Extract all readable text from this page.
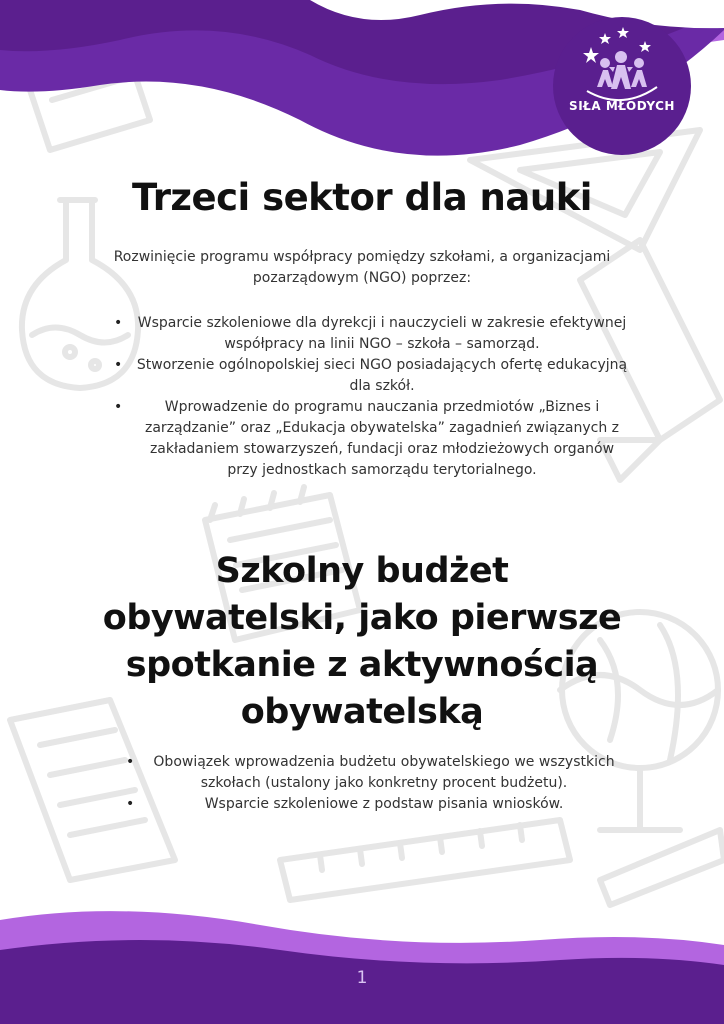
SIŁA MŁODYCH
Trzeci sektor dla nauki

Rozwinięcie programu współpracy pomiędzy szkołami, a organizacjami pozarządowym (NGO) poprzez:

• Wsparcie szkoleniowe dla dyrekcji i nauczycieli w zakresie efektywnej współpracy na linii NGO – szkoła – samorząd.
• Stworzenie ogólnopolskiej sieci NGO posiadających ofertę edukacyjną dla szkół.
•	Wprowadzenie do programu nauczania przedmiotów „Biznes i zarządzanie” oraz „Edukacja obywatelska” zagadnień związanych z zakładaniem stowarzyszeń, fundacji oraz młodzieżowych organów przy jednostkach samorządu terytorialnego.
Szkolny budżet
obywatelski, jako pierwsze
spotkanie z aktywnością
obywatelską
• Obowiązek wprowadzenia budżetu obywatelskiego we wszystkich szkołach (ustalony jako konkretny procent budżetu).
•	Wsparcie szkoleniowe z podstaw pisania wniosków.
1
